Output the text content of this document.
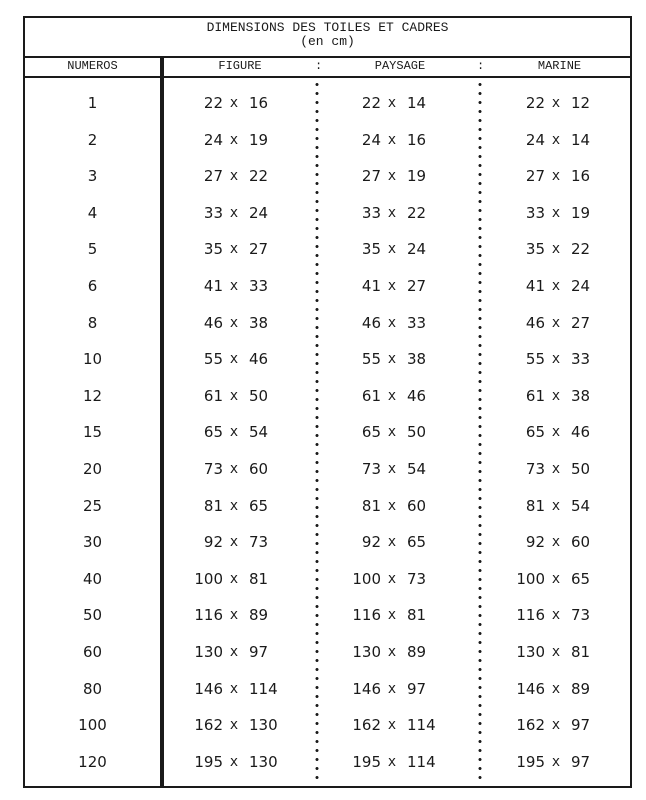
DIMENSIONS DES TOILES ET CADRES
(en cm)
NUMEROS	FIGURE	:	PAYSAGE	:	MARINE
1	22 x 16	22 x 14	22 x 12
2	24 x 19	24 x 16	24 x 14
3	27 x 22	27 x 19	27 x 16
4	33 x 24	33 x 22	33 x 19
5	35 x 27	35 x 24	35 x 22
6	41 x 33	41 x 27	41 x 24
8	46 x 38	46 x 33	46 x 27
10	55 x 46	55 x 38	55 x 33
12	61 x 50	61 x 46	61 x 38
15	65 x 54	65 x 50	65 x 46
20	73 x 60	73 x 54	73 x 50
25	81 x 65	81 x 60	81 x 54
30	92 x 73	92 x 65	92 x 60
40	100 x 81	100 x 73	100 x 65
50	116 x 89	116 x 81	116 x 73
60	130 x 97	130 x 89	130 x 81
80	146 x 114	146 x 97	146 x 89
100	162 x 130	162 x 114	162 x 97
120	195 x 130	195 x 114	195 x 97
